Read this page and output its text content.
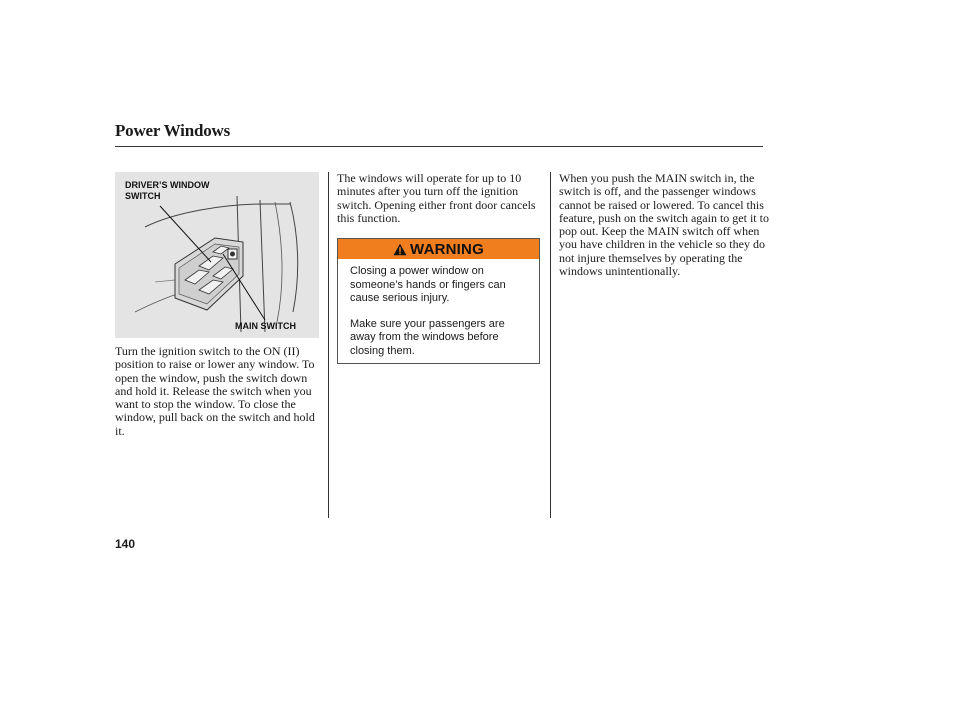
Power Windows
DRIVER’S WINDOW SWITCH
MAIN SWITCH
Turn the ignition switch to the ON (II) position to raise or lower any window. To open the window, push the switch down and hold it. Release the switch when you want to stop the window. To close the window, pull back on the switch and hold it.
The windows will operate for up to 10 minutes after you turn off the ignition switch. Opening either front door cancels this function.
WARNING

Closing a power window on someone’s hands or fingers can cause serious injury.

Make sure your passengers are away from the windows before closing them.

When you push the MAIN switch in, the switch is off, and the passenger windows cannot be raised or lowered. To cancel this feature, push on the switch again to get it to pop out. Keep the MAIN switch off when you have children in the vehicle so they do not injure themselves by operating the windows unintentionally.
140
